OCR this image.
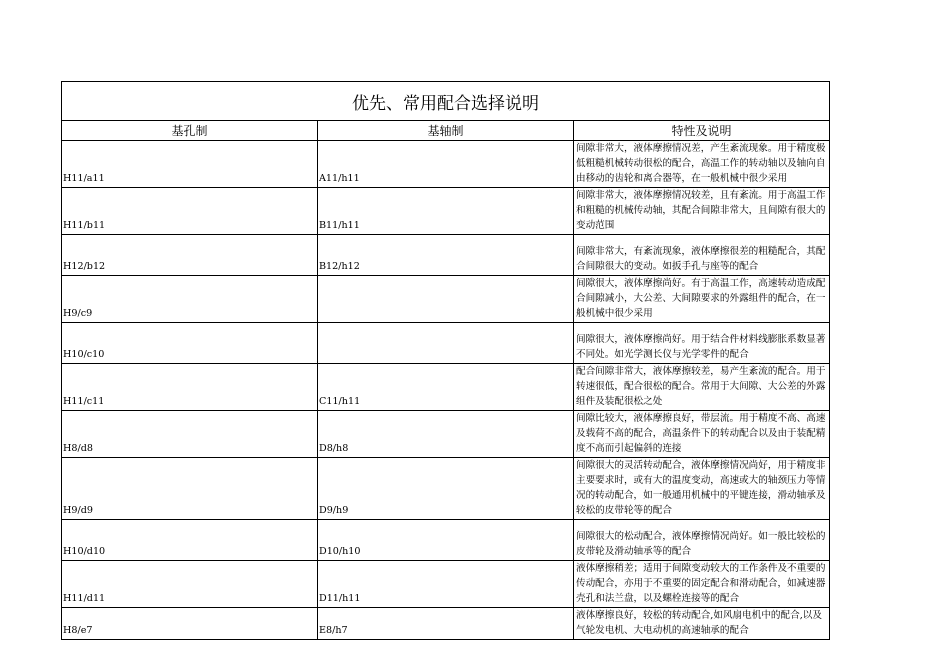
优先、常用配合选择说明		
基孔制	基轴制	特性及说明
H11/a11	A11/h11	间隙非常大，液体摩擦情况差，产生紊流现象。用于精度极低粗糙机械转动很松的配合，高温工作的转动轴以及轴向自由移动的齿轮和离合器等，在一般机械中很少采用
H11/b11	B11/h11	间隙非常大，液体摩擦情况较差，且有紊流。用于高温工作和粗糙的机械传动轴，其配合间隙非常大，且间隙有很大的变动范围
H12/b12	B12/h12	间隙非常大，有紊流现象，液体摩擦很差的粗糙配合，其配合间隙很大的变动。如扳手孔与座等的配合
H9/c9		间隙很大，液体摩擦尚好。有于高温工作，高速转动造成配合间隙减小，大公差、大间隙要求的外露组件的配合，在一般机械中很少采用
H10/c10		间隙很大，液体摩擦尚好。用于结合件材料线膨胀系数显著不同处。如光学测长仪与光学零件的配合
H11/c11	C11/h11	配合间隙非常大，液体摩擦较差，易产生紊流的配合。用于转速很低，配合很松的配合。常用于大间隙、大公差的外露组件及装配很松之处
H8/d8	D8/h8	间隙比较大，液体摩擦良好，带层流。用于精度不高、高速及载荷不高的配合，高温条件下的转动配合以及由于装配精度不高而引起偏斜的连接
H9/d9	D9/h9	间隙很大的灵活转动配合，液体摩擦情况尚好，用于精度非主要要求时，或有大的温度变动，高速或大的轴颈压力等情况的转动配合，如一般通用机械中的平键连接，滑动轴承及较松的皮带轮等的配合
H10/d10	D10/h10	间隙很大的松动配合，液体摩擦情况尚好。如一般比较松的皮带轮及滑动轴承等的配合
H11/d11	D11/h11	液体摩擦稍差；适用于间隙变动较大的工作条件及不重要的传动配合，亦用于不重要的固定配合和滑动配合，如减速器壳孔和法兰盘，以及螺栓连接等的配合
H8/e7	E8/h7	液体摩擦良好，较松的转动配合,如风扇电机中的配合,以及气轮发电机、大电动机的高速轴承的配合
